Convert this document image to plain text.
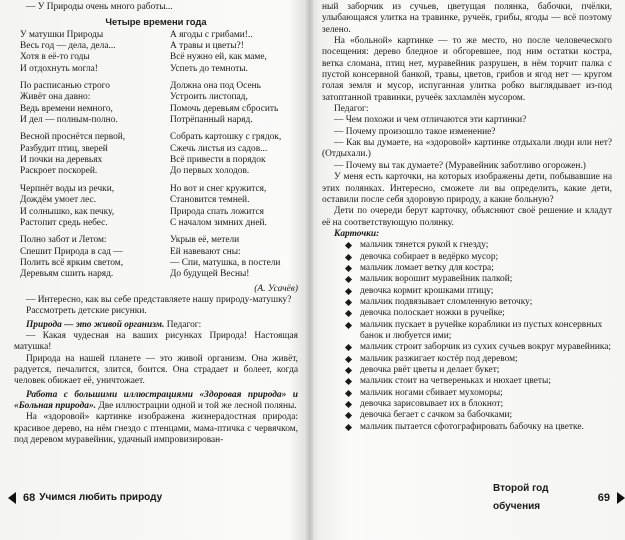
— У Природы очень много работы...

Четыре времени года
У матушки Природы
Весь год — дела, дела...
Хотя в её-то годы
И отдохнуть могла!
По расписанью строго
Живёт она давно:
Ведь времени немного,
И дел — полным-полно.
Весной проснётся первой,
Разбудит птиц, зверей
И почки на деревьях
Раскроет поскорей.
Черпнёт воды из речки,
Дождём умоет лес.
И солнышко, как печку,
Растопит средь небес.
Полно забот и Летом:
Спешит Природа в сад —
Полить всё ярким светом,
Деревьям сшить наряд.
А ягоды с грибами!..
А травы и цветы?!
Всё нужно ей, как маме,
Успеть до темноты.
Должна она под Осень
Устроить листопад,
Помочь деревьям сбросить
Потрёпанный наряд.
Собрать картошку с грядок,
Сжечь листья из садов...
Всё привести в порядок
До первых холодов.
Но вот и снег кружится,
Становится темней.
Природа спать ложится
С началом зимних дней.
Укрыв её, метели
Ей навевают сны:
— Спи, матушка, в постели
До будущей Весны!
(А. Усачёв)

— Интересно, как вы себе представляете нашу природу-матушку?

Рассмотреть детские рисунки.

Природа — это живой организм. Педагог:

— Какая чудесная на ваших рисунках Природа! Настоящая матушка!

Природа на нашей планете — это живой организм. Она живёт, радуется, печалится, злится, боится. Она страдает и болеет, когда человек обижает её, уничтожает.

Работа с большими иллюстрациями «Здоровая природа» и «Больная природа». Две иллюстрации одной и той же лесной поляны.

На «здоровой» картинке изображена жизнерадостная природа: красивое дерево, на нём гнездо с птенцами, мама-птичка с червячком, под деревом муравейник, удачный импровизирован-

68 Учимся любить природу

ный заборчик из сучьев, цветущая полянка, бабочки, пчёлки, улыбающаяся улитка на травинке, ручеёк, грибы, ягоды — всё поэтому зелено.

На «больной» картинке — то же место, но после человеческого посещения: дерево бледное и обгоревшее, под ним остатки костра, ветка сломана, птиц нет, муравейник разрушен, в нём торчит палка с пустой консервной банкой, травы, цветов, грибов и ягод нет — кругом голая земля и мусор, испуганная улитка робко выглядывает из-под затоптанной травинки, ручеёк захламлён мусором.

Педагог:

— Чем похожи и чем отличаются эти картинки?

— Почему произошло такое изменение?

— Как вы думаете, на «здоровой» картинке отдыхали люди или нет? (Отдыхали.)

— Почему вы так думаете? (Муравейник заботливо огорожен.)

У меня есть карточки, на которых изображены дети, побывавшие на этих полянках. Интересно, сможете ли вы определить, какие дети, оставили после себя здоровую природу, а какие больную?

Дети по очереди берут карточку, объясняют своё решение и кладут её на соответствующую полянку.

Карточки:
мальчик тянется рукой к гнезду;
девочка собирает в ведёрко мусор;
мальчик ломает ветку для костра;
мальчик ворошит муравейник палкой;
девочка кормит крошками птицу;
мальчик подвязывает сломленную веточку;
девочка полоскает ножки в ручейке;
мальчик пускает в ручейке кораблики из пустых консервных банок и любуется ими;
мальчик строит заборчик из сухих сучьев вокруг муравейника;
мальчик разжигает костёр под деревом;
девочка рвёт цветы и делает букет;
мальчик стоит на четвереньках и нюхает цветы;
мальчик ногами сбивает мухоморы;
девочка зарисовывает их в блокнот;
девочка бегает с сачком за бабочками;
мальчик пытается сфотографировать бабочку на цветке.
Второй год обучения
69
